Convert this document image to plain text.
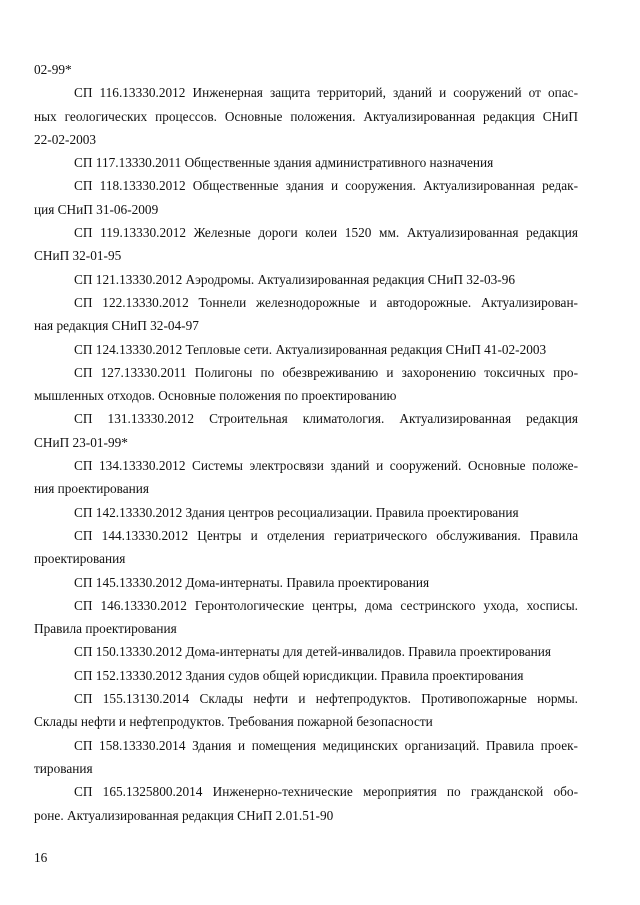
02-99*
СП 116.13330.2012 Инженерная защита территорий, зданий и сооружений от опас-
ных геологических процессов. Основные положения. Актуализированная редакция СНиП
22-02-2003
СП 117.13330.2011 Общественные здания административного назначения
СП 118.13330.2012 Общественные здания и сооружения. Актуализированная редак-
ция СНиП 31-06-2009
СП 119.13330.2012 Железные дороги колеи 1520 мм. Актуализированная редакция
СНиП 32-01-95
СП 121.13330.2012 Аэродромы. Актуализированная редакция СНиП 32-03-96
СП 122.13330.2012 Тоннели железнодорожные и автодорожные. Актуализирован-
ная редакция СНиП 32-04-97
СП 124.13330.2012 Тепловые сети. Актуализированная редакция СНиП 41-02-2003
СП 127.13330.2011 Полигоны по обезвреживанию и захоронению токсичных про-
мышленных отходов. Основные положения по проектированию
СП 131.13330.2012 Строительная климатология. Актуализированная редакция
СНиП 23-01-99*
СП 134.13330.2012 Системы электросвязи зданий и сооружений. Основные положе-
ния проектирования
СП 142.13330.2012 Здания центров ресоциализации. Правила проектирования
СП 144.13330.2012 Центры и отделения гериатрического обслуживания. Правила
проектирования
СП 145.13330.2012 Дома-интернаты. Правила проектирования
СП 146.13330.2012 Геронтологические центры, дома сестринского ухода, хосписы.
Правила проектирования
СП 150.13330.2012 Дома-интернаты для детей-инвалидов. Правила проектирования
СП 152.13330.2012 Здания судов общей юрисдикции. Правила проектирования
СП 155.13130.2014 Склады нефти и нефтепродуктов. Противопожарные нормы.
Склады нефти и нефтепродуктов. Требования пожарной безопасности
СП 158.13330.2014 Здания и помещения медицинских организаций. Правила проек-
тирования
СП 165.1325800.2014 Инженерно-технические мероприятия по гражданской обо-
роне. Актуализированная редакция СНиП 2.01.51-90
16
